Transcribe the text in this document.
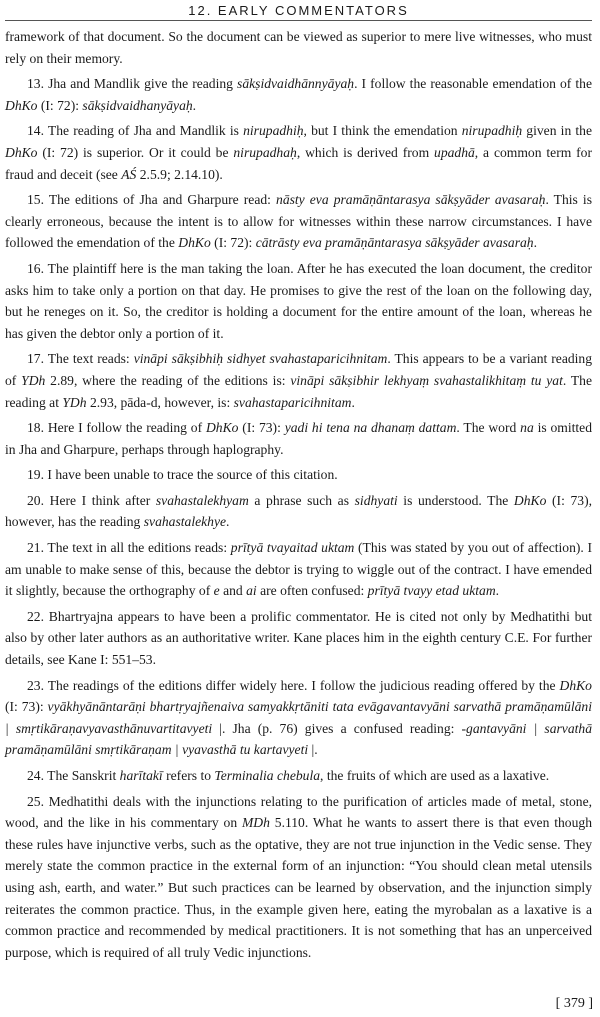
12. EARLY COMMENTATORS

framework of that document. So the document can be viewed as superior to mere live witnesses, who must rely on their memory.

13. Jha and Mandlik give the reading sākṣidvaidhānnyāyaḥ. I follow the reasonable emendation of the DhKo (I: 72): sākṣidvaidhanyāyaḥ.

14. The reading of Jha and Mandlik is nirupadhiḥ, but I think the emendation nirupadhiḥ given in the DhKo (I: 72) is superior. Or it could be nirupadhaḥ, which is derived from upadhā, a common term for fraud and deceit (see AŚ 2.5.9; 2.14.10).

15. The editions of Jha and Gharpure read: nāsty eva pramāṇāntarasya sākṣyāder avasaraḥ. This is clearly erroneous, because the intent is to allow for witnesses within these narrow circumstances. I have followed the emendation of the DhKo (I: 72): cātrāsty eva pramāṇāntarasya sākṣyāder avasaraḥ.

16. The plaintiff here is the man taking the loan. After he has executed the loan document, the creditor asks him to take only a portion on that day. He promises to give the rest of the loan on the following day, but he reneges on it. So, the creditor is holding a document for the entire amount of the loan, whereas he has given the debtor only a portion of it.

17. The text reads: vināpi sākṣibhiḥ sidhyet svahastaparicihnitam. This appears to be a variant reading of YDh 2.89, where the reading of the editions is: vināpi sākṣibhir lekhyaṃ svahastalikhitaṃ tu yat. The reading at YDh 2.93, pāda-d, however, is: svahastaparicihnitam.

18. Here I follow the reading of DhKo (I: 73): yadi hi tena na dhanaṃ dattam. The word na is omitted in Jha and Gharpure, perhaps through haplography.

19. I have been unable to trace the source of this citation.

20. Here I think after svahastalekhyam a phrase such as sidhyati is understood. The DhKo (I: 73), however, has the reading svahastalekhye.

21. The text in all the editions reads: prītyā tvayaitad uktam (This was stated by you out of affection). I am unable to make sense of this, because the debtor is trying to wiggle out of the contract. I have emended it slightly, because the orthography of e and ai are often confused: prītyā tvayy etad uktam.

22. Bhartryajna appears to have been a prolific commentator. He is cited not only by Medhatithi but also by other later authors as an authoritative writer. Kane places him in the eighth century C.E. For further details, see Kane I: 551–53.

23. The readings of the editions differ widely here. I follow the judicious reading offered by the DhKo (I: 73): vyākhyānāntarāṇi bhartṛyajñenaiva samyakkṛtāniti tata evāgavantavyāni sarvathā pramāṇamūlāni | smṛtikāraṇavyavasthānuvartitavyeti |. Jha (p. 76) gives a confused reading: -gantavyāni | sarvathā pramāṇamūlāni smṛtikāraṇam | vyavasthā tu kartavyeti |.

24. The Sanskrit harītakī refers to Terminalia chebula, the fruits of which are used as a laxative.

25. Medhatithi deals with the injunctions relating to the purification of articles made of metal, stone, wood, and the like in his commentary on MDh 5.110. What he wants to assert there is that even though these rules have injunctive verbs, such as the optative, they are not true injunction in the Vedic sense. They merely state the common practice in the external form of an injunction: “You should clean metal utensils using ash, earth, and water.” But such practices can be learned by observation, and the injunction simply reiterates the common practice. Thus, in the example given here, eating the myrobalan as a laxative is a common practice and recommended by medical practitioners. It is not something that has an unperceived purpose, which is required of all truly Vedic injunctions.

[ 379 ]
